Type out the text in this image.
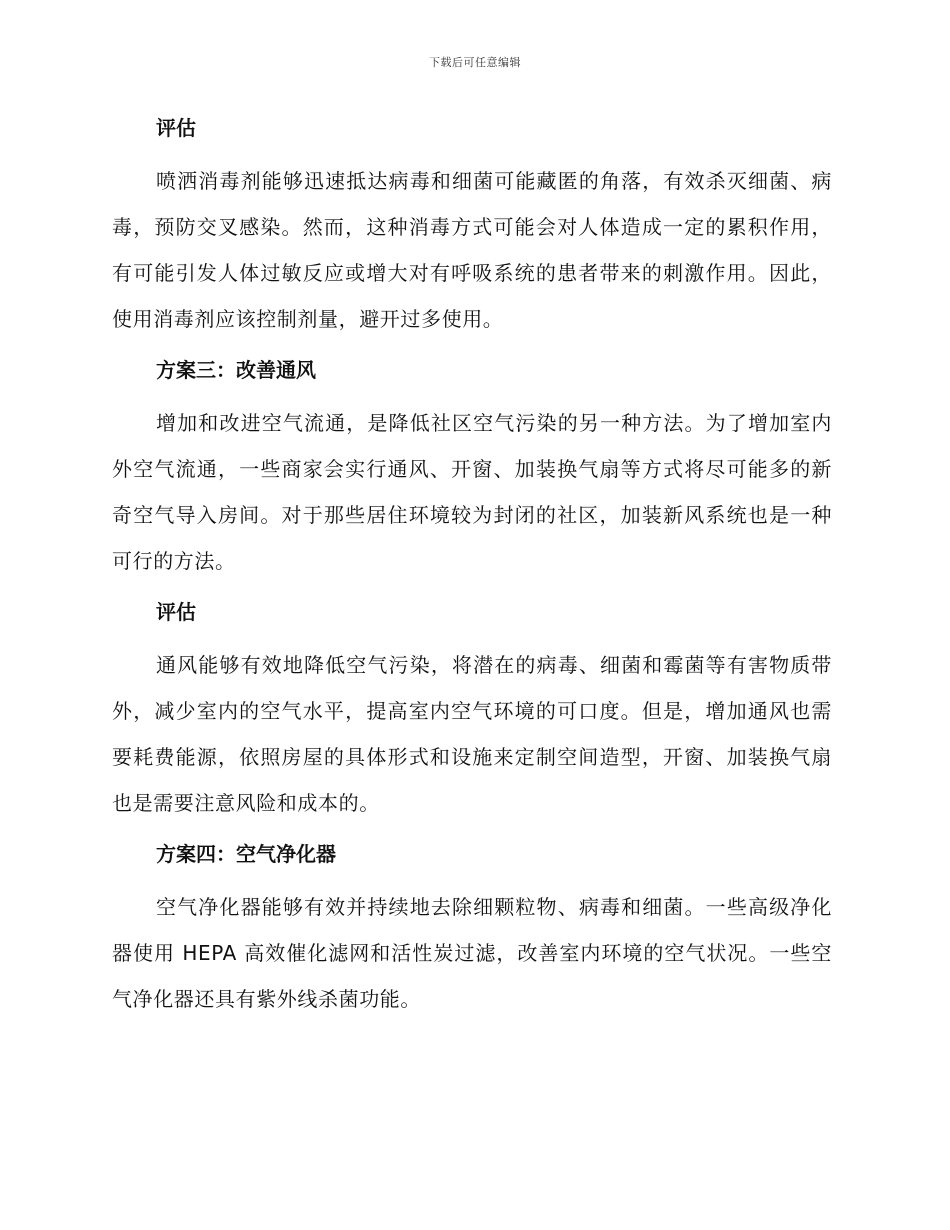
下载后可任意编辑
评估

喷洒消毒剂能够迅速抵达病毒和细菌可能藏匿的角落，有效杀灭细菌、病毒，预防交叉感染。然而，这种消毒方式可能会对人体造成一定的累积作用，有可能引发人体过敏反应或增大对有呼吸系统的患者带来的刺激作用。因此，使用消毒剂应该控制剂量，避开过多使用。

方案三：改善通风

增加和改进空气流通，是降低社区空气污染的另一种方法。为了增加室内外空气流通，一些商家会实行通风、开窗、加装换气扇等方式将尽可能多的新奇空气导入房间。对于那些居住环境较为封闭的社区，加装新风系统也是一种可行的方法。

评估

通风能够有效地降低空气污染，将潜在的病毒、细菌和霉菌等有害物质带外，减少室内的空气水平，提高室内空气环境的可口度。但是，增加通风也需要耗费能源，依照房屋的具体形式和设施来定制空间造型，开窗、加装换气扇也是需要注意风险和成本的。

方案四：空气净化器

空气净化器能够有效并持续地去除细颗粒物、病毒和细菌。一些高级净化器使用 HEPA 高效催化滤网和活性炭过滤，改善室内环境的空气状况。一些空气净化器还具有紫外线杀菌功能。
